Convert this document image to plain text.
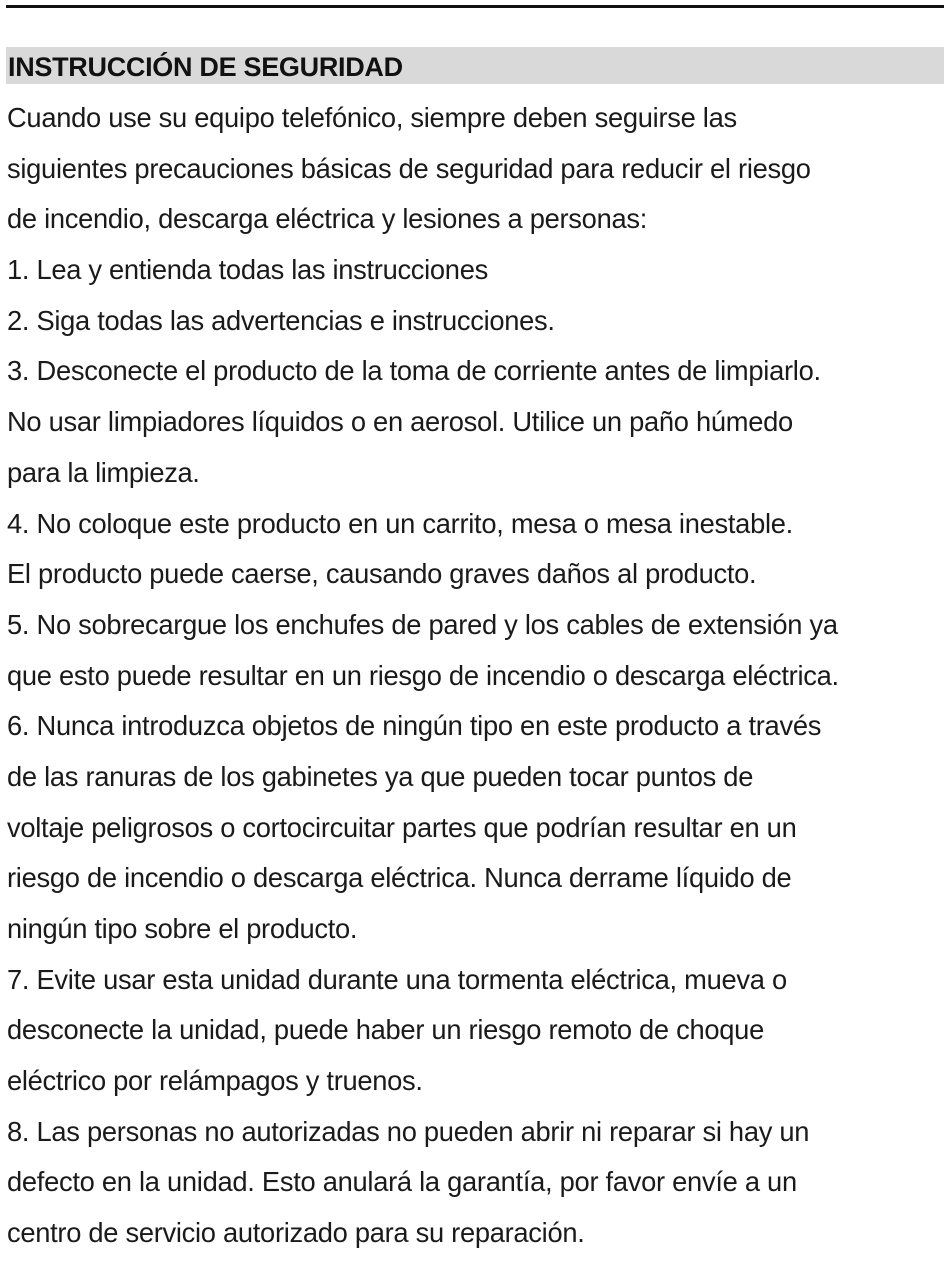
INSTRUCCIÓN DE SEGURIDAD
Cuando use su equipo telefónico, siempre deben seguirse las
siguientes precauciones básicas de seguridad para reducir el riesgo
de incendio, descarga eléctrica y lesiones a personas:
1. Lea y entienda todas las instrucciones
2. Siga todas las advertencias e instrucciones.
3. Desconecte el producto de la toma de corriente antes de limpiarlo.
No usar limpiadores líquidos o en aerosol. Utilice un paño húmedo
para la limpieza.
4. No coloque este producto en un carrito, mesa o mesa inestable.
El producto puede caerse, causando graves daños al producto.
5. No sobrecargue los enchufes de pared y los cables de extensión ya
que esto puede resultar en un riesgo de incendio o descarga eléctrica.
6. Nunca introduzca objetos de ningún tipo en este producto a través
de las ranuras de los gabinetes ya que pueden tocar puntos de
voltaje peligrosos o cortocircuitar partes que podrían resultar en un
riesgo de incendio o descarga eléctrica. Nunca derrame líquido de
ningún tipo sobre el producto.
7. Evite usar esta unidad durante una tormenta eléctrica, mueva o
desconecte la unidad, puede haber un riesgo remoto de choque
eléctrico por relámpagos y truenos.
8. Las personas no autorizadas no pueden abrir ni reparar si hay un
defecto en la unidad. Esto anulará la garantía, por favor envíe a un
centro de servicio autorizado para su reparación.
